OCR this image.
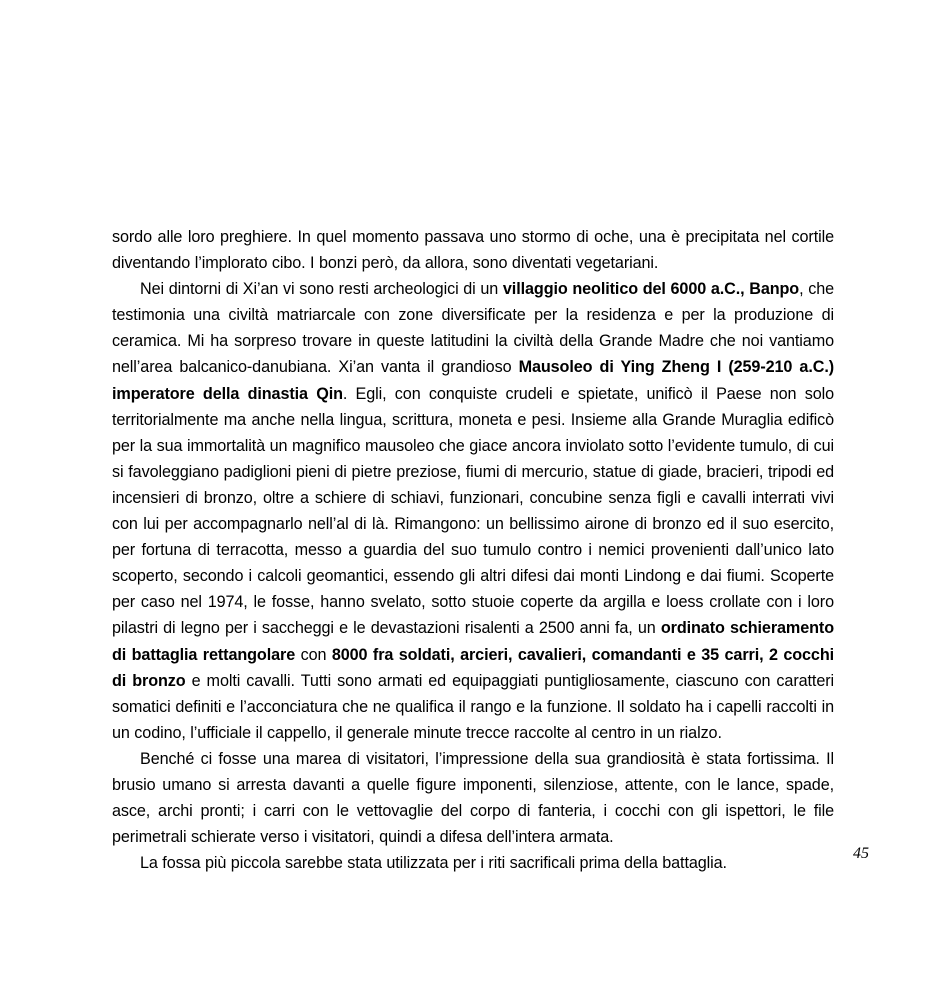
sordo alle loro preghiere. In quel momento passava uno stormo di oche, una è precipitata nel cortile diventando l’implorato cibo. I bonzi però, da allora, sono diventati vegetariani.

Nei dintorni di Xi’an vi sono resti archeologici di un villaggio neolitico del 6000 a.C., Banpo, che testimonia una civiltà matriarcale con zone diversificate per la residenza e per la produzione di ceramica. Mi ha sorpreso trovare in queste latitudini la civiltà della Grande Madre che noi vantiamo nell’area balcanico-danubiana. Xi’an vanta il grandioso Mausoleo di Ying Zheng I (259-210 a.C.) imperatore della dinastia Qin. Egli, con conquiste crudeli e spietate, unificò il Paese non solo territorialmente ma anche nella lingua, scrittura, moneta e pesi. Insieme alla Grande Muraglia edificò per la sua immortalità un magnifico mausoleo che giace ancora inviolato sotto l’evidente tumulo, di cui si favoleggiano padiglioni pieni di pietre preziose, fiumi di mercurio, statue di giade, bracieri, tripodi ed incensieri di bronzo, oltre a schiere di schiavi, funzionari, concubine senza figli e cavalli interrati vivi con lui per accompagnarlo nell’al di là. Rimangono: un bellissimo airone di bronzo ed il suo esercito, per fortuna di terracotta, messo a guardia del suo tumulo contro i nemici provenienti dall’unico lato scoperto, secondo i calcoli geomantici, essendo gli altri difesi dai monti Lindong e dai fiumi. Scoperte per caso nel 1974, le fosse, hanno svelato, sotto stuoie coperte da argilla e loess crollate con i loro pilastri di legno per i saccheggi e le devastazioni risalenti a 2500 anni fa, un ordinato schieramento di battaglia rettangolare con 8000 fra soldati, arcieri, cavalieri, comandanti e 35 carri, 2 cocchi di bronzo e molti cavalli. Tutti sono armati ed equipaggiati puntigliosamente, ciascuno con caratteri somatici definiti e l’acconciatura che ne qualifica il rango e la funzione. Il soldato ha i capelli raccolti in un codino, l’ufficiale il cappello, il generale minute trecce raccolte al centro in un rialzo.

Benché ci fosse una marea di visitatori, l’impressione della sua grandiosità è stata fortissima. Il brusio umano si arresta davanti a quelle figure imponenti, silenziose, attente, con le lance, spade, asce, archi pronti; i carri con le vettovaglie del corpo di fanteria, i cocchi con gli ispettori, le file perimetrali schierate verso i visitatori, quindi a difesa dell’intera armata.

La fossa più piccola sarebbe stata utilizzata per i riti sacrificali prima della battaglia.

45
